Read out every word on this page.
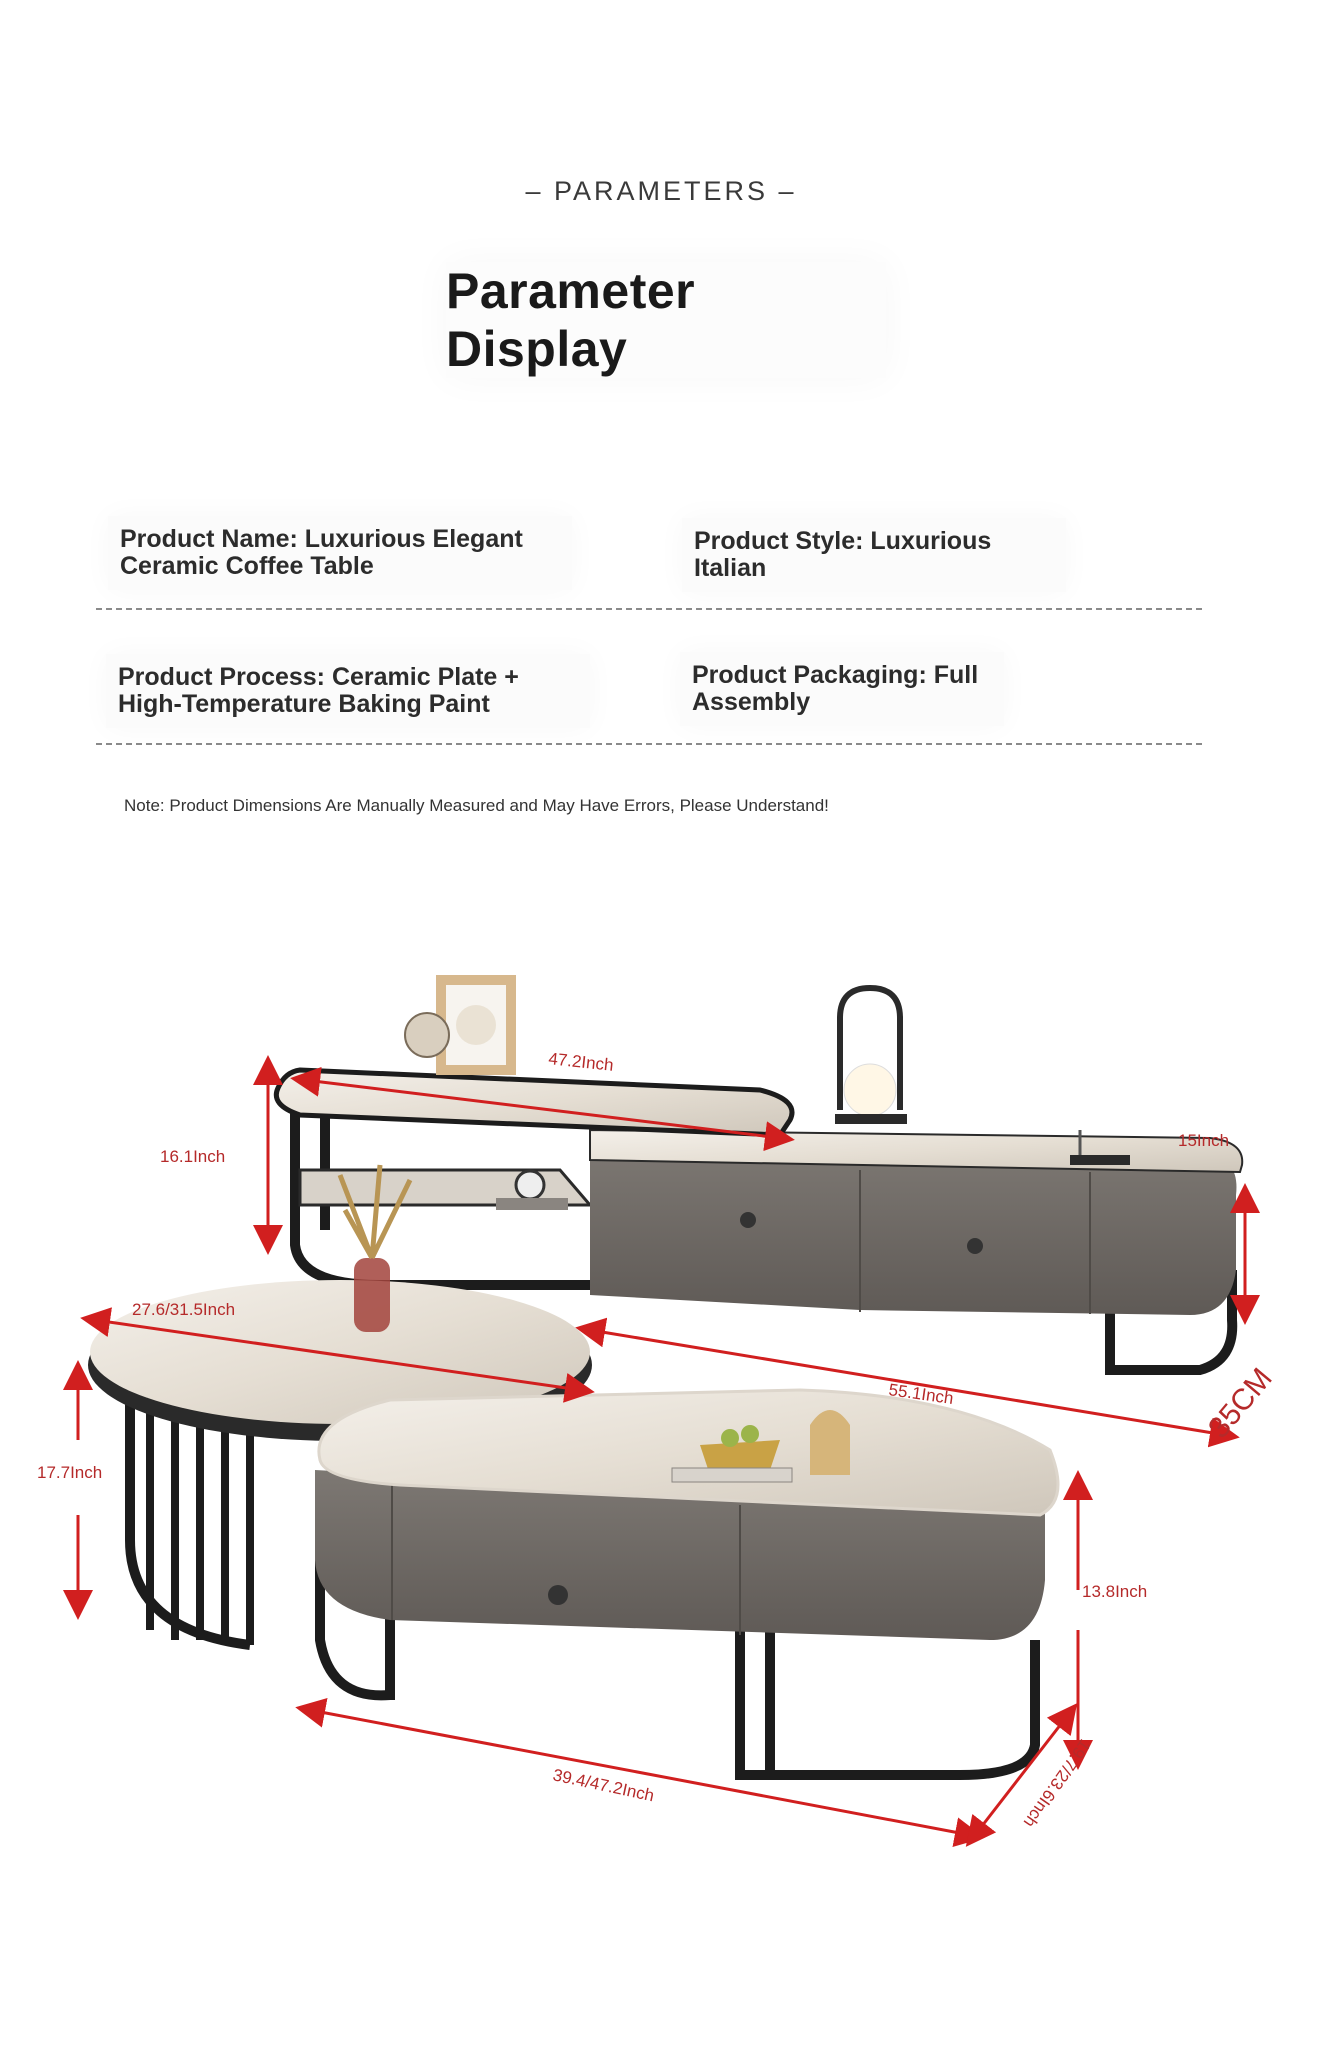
– PARAMETERS –
Parameter Display
Product Name: Luxurious Elegant Ceramic Coffee Table
Product Style: Luxurious Italian
Product Process: Ceramic Plate + High-Temperature Baking Paint
Product Packaging: Full Assembly
Note: Product Dimensions Are Manually Measured and May Have Errors, Please Understand!
47.2Inch
16.1Inch
15Inch
55.1Inch	35CM
27.6/31.5Inch
17.7Inch
13.8Inch
39.4/47.2Inch	19.7/23.6Inch
